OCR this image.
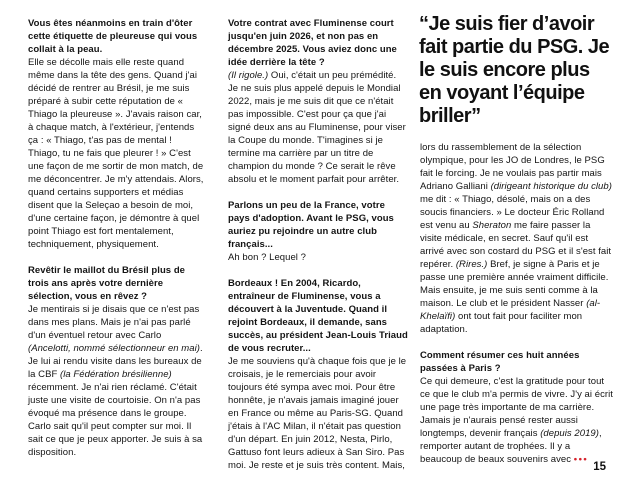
Vous êtes néanmoins en train d'ôter cette étiquette de pleureuse qui vous collait à la peau.

Elle se décolle mais elle reste quand même dans la tête des gens. Quand j'ai décidé de rentrer au Brésil, je me suis préparé à subir cette réputation de « Thiago la pleureuse ». J'avais raison car, à chaque match, à l'extérieur, j'entends ça : « Thiago, t'as pas de mental ! Thiago, tu ne fais que pleurer ! » C'est une façon de me sortir de mon match, de me déconcentrer. Je m'y attendais. Alors, quand certains supporters et médias disent que la Seleçao a besoin de moi, d'une certaine façon, je démontre à quel point Thiago est fort mentalement, techniquement, physiquement.

Revêtir le maillot du Brésil plus de trois ans après votre dernière sélection, vous en rêvez ?

Je mentirais si je disais que ce n'est pas dans mes plans. Mais je n'ai pas parlé d'un éventuel retour avec Carlo (Ancelotti, nommé sélectionneur en mai). Je lui ai rendu visite dans les bureaux de la CBF (la Fédération brésilienne) récemment. Je n'ai rien réclamé. C'était juste une visite de courtoisie. On n'a pas évoqué ma présence dans le groupe. Carlo sait qu'il peut compter sur moi. Il sait ce que je peux apporter. Je suis à sa disposition.

Votre contrat avec Fluminense court jusqu'en juin 2026, et non pas en décembre 2025. Vous aviez donc une idée derrière la tête ?

(Il rigole.) Oui, c'était un peu prémédité. Je ne suis plus appelé depuis le Mondial 2022, mais je me suis dit que ce n'était pas impossible. C'est pour ça que j'ai signé deux ans au Fluminense, pour viser la Coupe du monde. T'imagines si je termine ma carrière par un titre de champion du monde ? Ce serait le rêve absolu et le moment parfait pour arrêter.

Parlons un peu de la France, votre pays d'adoption. Avant le PSG, vous auriez pu rejoindre un autre club français...

Ah bon ? Lequel ?

Bordeaux ! En 2004, Ricardo, entraîneur de Fluminense, vous a découvert à la Juventude. Quand il rejoint Bordeaux, il demande, sans succès, au président Jean-Louis Triaud de vous recruter...

Je me souviens qu'à chaque fois que je le croisais, je le remerciais pour avoir toujours été sympa avec moi. Pour être honnête, je n'avais jamais imaginé jouer en France ou même au Paris-SG. Quand j'étais à l'AC Milan, il n'était pas question d'un départ. En juin 2012, Nesta, Pirlo, Gattuso font leurs adieux à San Siro. Pas moi. Je reste et je suis très content. Mais,

“Je suis fier d’avoir fait partie du PSG. Je le suis encore plus en voyant l’équipe briller”

lors du rassemblement de la sélection olympique, pour les JO de Londres, le PSG fait le forcing. Je ne voulais pas partir mais Adriano Galliani (dirigeant historique du club) me dit : « Thiago, désolé, mais on a des soucis financiers. » Le docteur Éric Rolland est venu au Sheraton me faire passer la visite médicale, en secret. Sauf qu'il est arrivé avec son costard du PSG et il s'est fait repérer. (Rires.) Bref, je signe à Paris et je passe une première année vraiment difficile. Mais ensuite, je me suis senti comme à la maison. Le club et le président Nasser (al-Khelaïfi) ont tout fait pour faciliter mon adaptation.

Comment résumer ces huit années passées à Paris ?

Ce qui demeure, c'est la gratitude pour tout ce que le club m'a permis de vivre. J'y ai écrit une page très importante de ma carrière. Jamais je n'aurais pensé rester aussi longtemps, devenir français (depuis 2019), remporter autant de trophées. Il y a beaucoup de beaux souvenirs avec •••

15
